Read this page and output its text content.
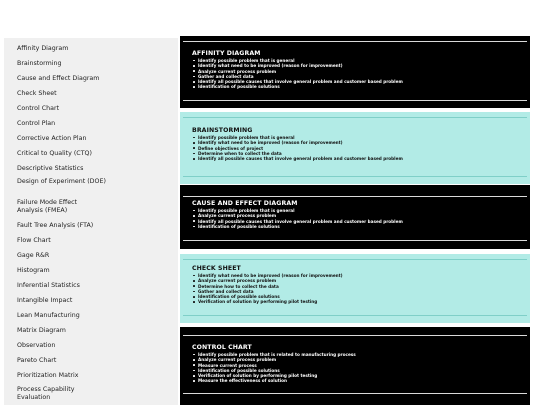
Affinity Diagram
Brainstorming
Cause and Effect Diagram
Check Sheet
Control Chart
Control Plan
Corrective Action Plan
Critical to Quality (CTQ)
Descriptive Statistics
Design of Experiment (DOE)
Failure Mode Effect Analysis (FMEA)
Fault Tree Analysis (FTA)
Flow Chart
Gage R&R
Histogram
Inferential Statistics
Intangible Impact
Lean Manufacturing
Matrix Diagram
Observation
Pareto Chart
Prioritization Matrix
Process Capability Evaluation
AFFINITY DIAGRAM
Identify possible problem that is general
Identify what need to be improved (reason for improvement)
Analyze current process problem
Gather and collect data
Identify all possible causes that involve general problem and customer based problem
Identification of possible solutions
BRAINSTORMING
Identify possible problem that is general
Identify what need to be improved (reason for improvement)
Define objectives of project
Determine when to collect the data
Identify all possible causes that involve general problem and customer based problem
CAUSE AND EFFECT DIAGRAM
Identify possible problem that is general
Analyze current process problem
Identify all possible causes that involve general problem and customer based problem
Identification of possible solutions
CHECK SHEET
Identify what need to be improved (reason for improvement)
Analyze current process problem
Determine how to collect the data
Gather and collect data
Identification of possible solutions
Verification of solution by performing pilot testing
CONTROL CHART
Identify possible problem that is related to manufacturing process
Analyze current process problem
Measure current process
Identification of possible solutions
Verification of solution by performing pilot testing
Measure the effectiveness of solution
